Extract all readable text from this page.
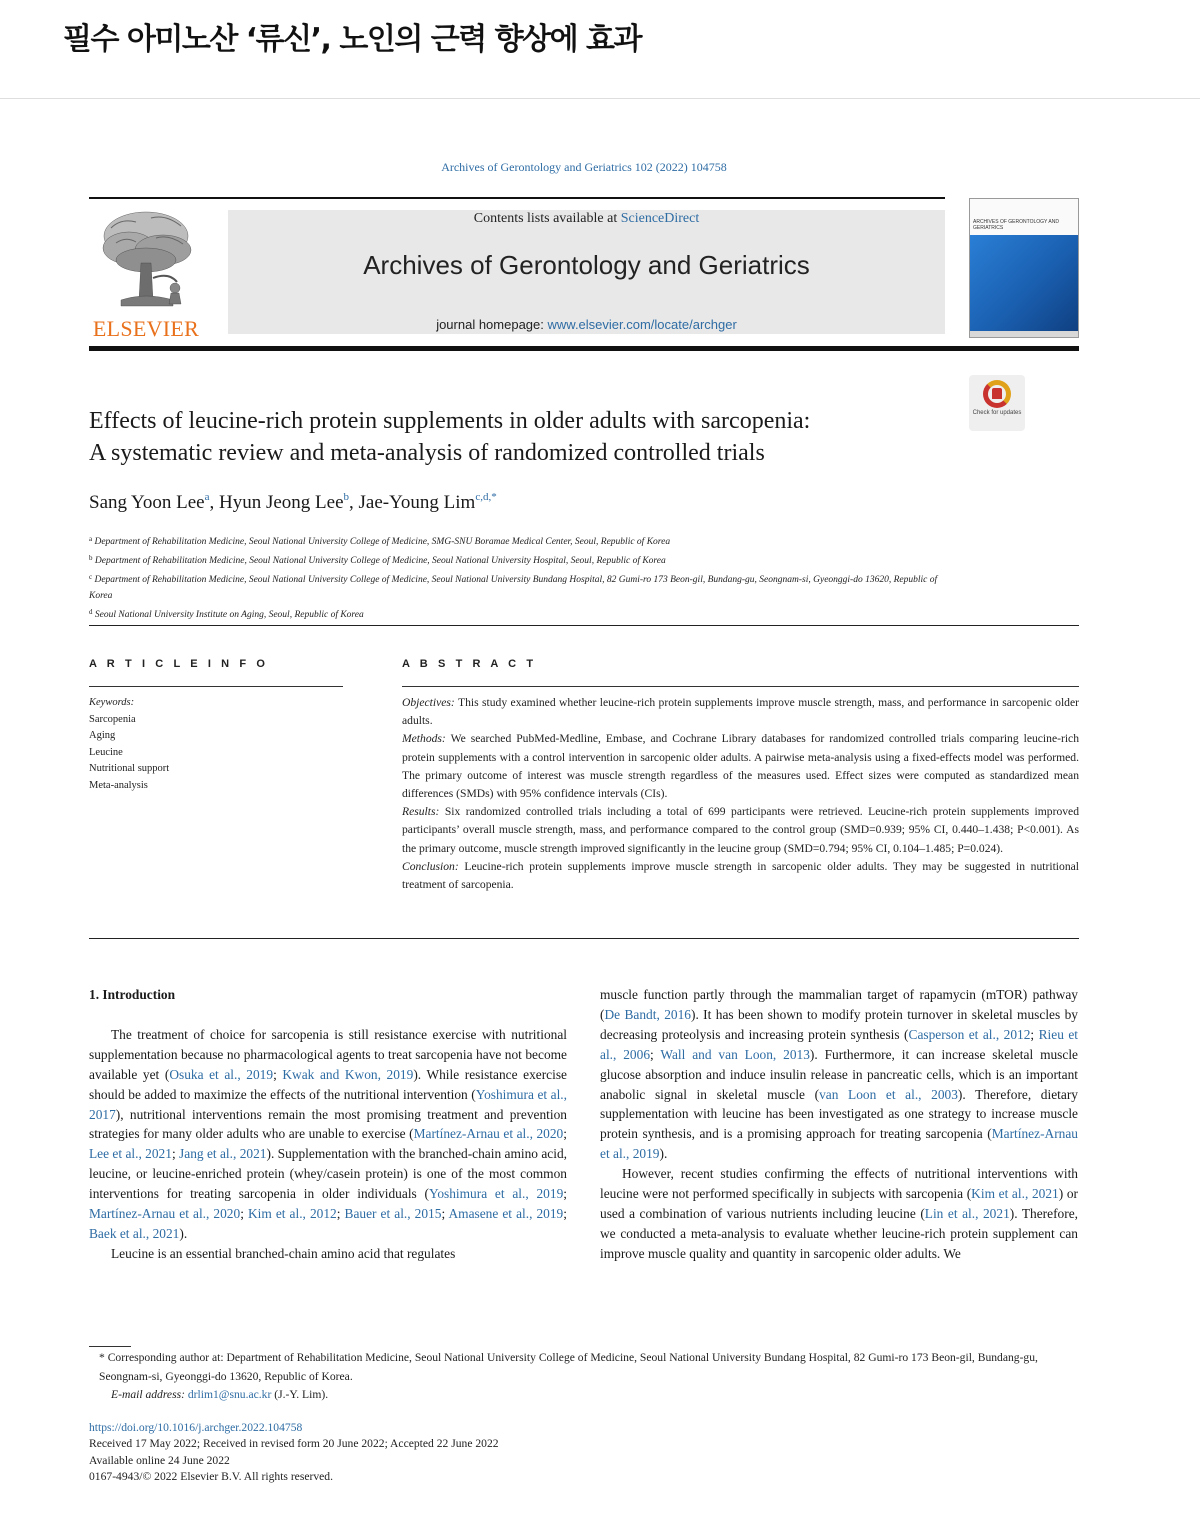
필수 아미노산 ‘류신’, 노인의 근력 향상에 효과
Archives of Gerontology and Geriatrics 102 (2022) 104758
ELSEVIER
Contents lists available at ScienceDirect
Archives of Gerontology and Geriatrics
journal homepage: www.elsevier.com/locate/archger
ARCHIVES OF GERONTOLOGY AND GERIATRICS
Check for updates
Effects of leucine-rich protein supplements in older adults with sarcopenia:
A systematic review and meta-analysis of randomized controlled trials
Sang Yoon Lee$^a$, Hyun Jeong Lee$^b$, Jae-Young Lim$^{c,d,*}$
$^a$ Department of Rehabilitation Medicine, Seoul National University College of Medicine, SMG-SNU Boramae Medical Center, Seoul, Republic of Korea
$^b$ Department of Rehabilitation Medicine, Seoul National University College of Medicine, Seoul National University Hospital, Seoul, Republic of Korea
$^c$ Department of Rehabilitation Medicine, Seoul National University College of Medicine, Seoul National University Bundang Hospital, 82 Gumi-ro 173 Beon-gil, Bundang-gu, Seongnam-si, Gyeonggi-do 13620, Republic of Korea
$^d$ Seoul National University Institute on Aging, Seoul, Republic of Korea
A R T I C L E I N F O	A B S T R A C T
Keywords:
Sarcopenia
Aging
Leucine
Nutritional support
Meta-analysis

Objectives: This study examined whether leucine-rich protein supplements improve muscle strength, mass, and performance in sarcopenic older adults.

Methods: We searched PubMed-Medline, Embase, and Cochrane Library databases for randomized controlled trials comparing leucine-rich protein supplements with a control intervention in sarcopenic older adults. A pairwise meta-analysis using a fixed-effects model was performed. The primary outcome of interest was muscle strength regardless of the measures used. Effect sizes were computed as standardized mean differences (SMDs) with 95% confidence intervals (CIs).

Results: Six randomized controlled trials including a total of 699 participants were retrieved. Leucine-rich protein supplements improved participants’ overall muscle strength, mass, and performance compared to the control group (SMD=0.939; 95% CI, 0.440–1.438; P<0.001). As the primary outcome, muscle strength improved significantly in the leucine group (SMD=0.794; 95% CI, 0.104–1.485; P=0.024).

Conclusion: Leucine-rich protein supplements improve muscle strength in sarcopenic older adults. They may be suggested in nutritional treatment of sarcopenia.

1. Introduction

The treatment of choice for sarcopenia is still resistance exercise with nutritional supplementation because no pharmacological agents to treat sarcopenia have not become available yet (Osuka et al., 2019; Kwak and Kwon, 2019). While resistance exercise should be added to maximize the effects of the nutritional intervention (Yoshimura et al., 2017), nutritional interventions remain the most promising treatment and prevention strategies for many older adults who are unable to exercise (Martínez-Arnau et al., 2020; Lee et al., 2021; Jang et al., 2021). Supplementation with the branched-chain amino acid, leucine, or leucine-enriched protein (whey/casein protein) is one of the most common interventions for treating sarcopenia in older individuals (Yoshimura et al., 2019; Martínez-Arnau et al., 2020; Kim et al., 2012; Bauer et al., 2015; Amasene et al., 2019; Baek et al., 2021).

Leucine is an essential branched-chain amino acid that regulates

muscle function partly through the mammalian target of rapamycin (mTOR) pathway (De Bandt, 2016). It has been shown to modify protein turnover in skeletal muscles by decreasing proteolysis and increasing protein synthesis (Casperson et al., 2012; Rieu et al., 2006; Wall and van Loon, 2013). Furthermore, it can increase skeletal muscle glucose absorption and induce insulin release in pancreatic cells, which is an important anabolic signal in skeletal muscle (van Loon et al., 2003). Therefore, dietary supplementation with leucine has been investigated as one strategy to increase muscle protein synthesis, and is a promising approach for treating sarcopenia (Martínez-Arnau et al., 2019).

However, recent studies confirming the effects of nutritional interventions with leucine were not performed specifically in subjects with sarcopenia (Kim et al., 2021) or used a combination of various nutrients including leucine (Lin et al., 2021). Therefore, we conducted a meta-analysis to evaluate whether leucine-rich protein supplement can improve muscle quality and quantity in sarcopenic older adults. We

* Corresponding author at: Department of Rehabilitation Medicine, Seoul National University College of Medicine, Seoul National University Bundang Hospital, 82 Gumi-ro 173 Beon-gil, Bundang-gu, Seongnam-si, Gyeonggi-do 13620, Republic of Korea.
E-mail address: drlim1@snu.ac.kr (J.-Y. Lim).
https://doi.org/10.1016/j.archger.2022.104758
Received 17 May 2022; Received in revised form 20 June 2022; Accepted 22 June 2022
Available online 24 June 2022
0167-4943/© 2022 Elsevier B.V. All rights reserved.
